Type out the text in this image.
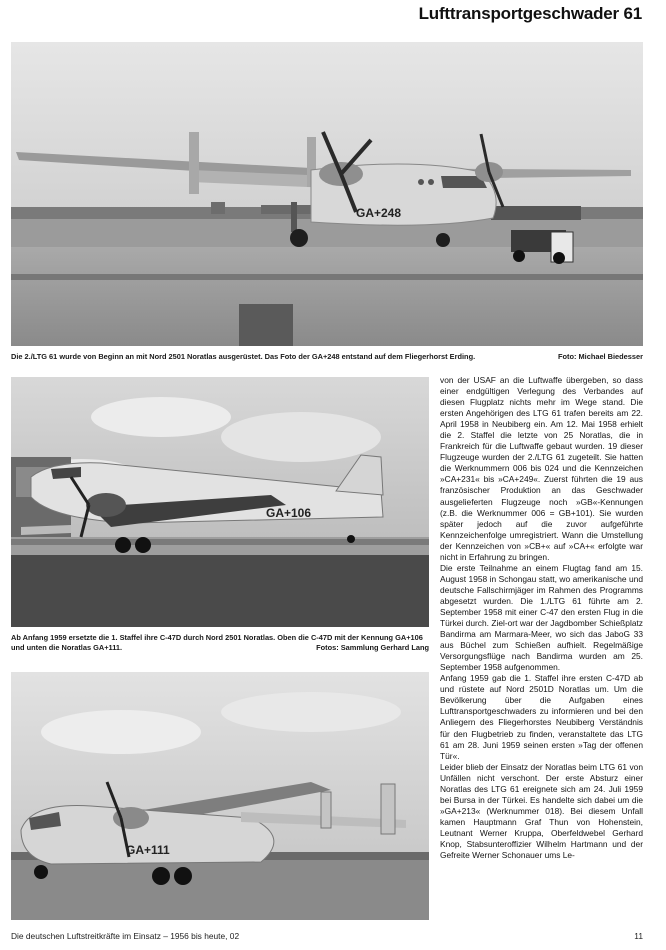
Lufttransportgeschwader 61
GA+248
Die 2./LTG 61 wurde von Beginn an mit Nord 2501 Noratlas ausgerüstet. Das Foto der GA+248 entstand auf dem Fliegerhorst Erding.	Foto: Michael Biedesser
GA+106
Ab Anfang 1959 ersetzte die 1. Staffel ihre C-47D durch Nord 2501 Noratlas. Oben die C-47D mit der Kennung GA+106 und unten die Noratlas GA+111.	Fotos: Sammlung Gerhard Lang
GA+111

von der USAF an die Luftwaffe übergeben, so dass einer endgültigen Verlegung des Verbandes auf diesen Flugplatz nichts mehr im Wege stand. Die ersten Angehörigen des LTG 61 trafen bereits am 22. April 1958 in Neubiberg ein. Am 12. Mai 1958 erhielt die 2. Staffel die letzte von 25 Noratlas, die in Frankreich für die Luftwaffe gebaut wurden. 19 dieser Flugzeuge wurden der 2./LTG 61 zugeteilt. Sie hatten die Werknummern 006 bis 024 und die Kennzeichen »CA+231« bis »CA+249«. Zuerst führten die 19 aus französischer Produktion an das Geschwader ausgelieferten Flugzeuge noch »GB«-Kennungen (z.B. die Werknummer 006 = GB+101). Sie wurden später jedoch auf die zuvor aufgeführte Kennzeichenfolge umregistriert. Wann die Umstellung der Kennzeichen von »CB+« auf »CA+« erfolgte war nicht in Erfahrung zu bringen.

Die erste Teilnahme an einem Flugtag fand am 15. August 1958 in Schongau statt, wo amerikanische und deutsche Fallschirmjäger im Rahmen des Programms abgesetzt wurden. Die 1./LTG 61 führte am 2. September 1958 mit einer C-47 den ersten Flug in die Türkei durch. Ziel-ort war der Jagdbomber Schießplatz Bandirma am Marmara-Meer, wo sich das JaboG 33 aus Büchel zum Schießen aufhielt. Regelmäßige Versorgungsflüge nach Bandirma wurden am 25. September 1958 aufgenommen.

Anfang 1959 gab die 1. Staffel ihre ersten C-47D ab und rüstete auf Nord 2501D Noratlas um. Um die Bevölkerung über die Aufgaben eines Lufttransportgeschwaders zu informieren und bei den Anliegern des Fliegerhorstes Neubiberg Verständnis für den Flugbetrieb zu finden, veranstaltete das LTG 61 am 28. Juni 1959 seinen ersten »Tag der offenen Tür«.

Leider blieb der Einsatz der Noratlas beim LTG 61 von Unfällen nicht verschont. Der erste Absturz einer Noratlas des LTG 61 ereignete sich am 24. Juli 1959 bei Bursa in der Türkei. Es handelte sich dabei um die »GA+213« (Werknummer 018). Bei diesem Unfall kamen Hauptmann Graf Thun von Hohenstein, Leutnant Werner Kruppa, Oberfeldwebel Gerhard Knop, Stabsunteroffizier Wilhelm Hartmann und der Gefreite Werner Schonauer ums Le-

Die deutschen Luftstreitkräfte im Einsatz – 1956 bis heute, 02	11
